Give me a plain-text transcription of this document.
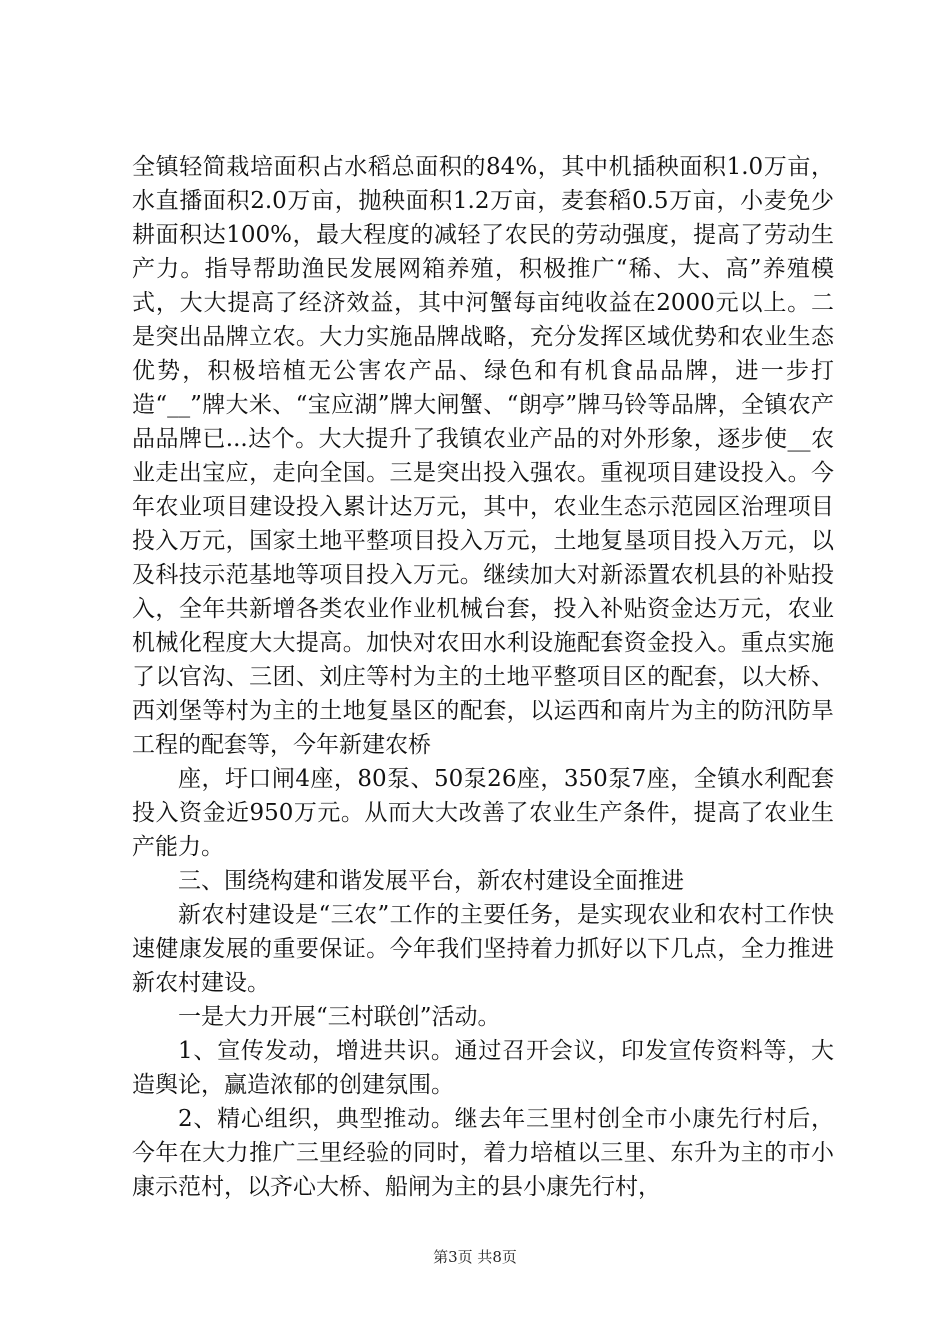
全镇轻简栽培面积占水稻总面积的84%，其中机插秧面积1.0万亩，水直播面积2.0万亩，抛秧面积1.2万亩，麦套稻0.5万亩，小麦免少耕面积达100%，最大程度的减轻了农民的劳动强度，提高了劳动生产力。指导帮助渔民发展网箱养殖，积极推广“稀、大、高”养殖模式，大大提高了经济效益，其中河蟹每亩纯收益在2000元以上。二是突出品牌立农。大力实施品牌战略，充分发挥区域优势和农业生态优势，积极培植无公害农产品、绿色和有机食品品牌，进一步打造“__”牌大米、“宝应湖”牌大闸蟹、“朗亭”牌马铃等品牌，全镇农产品品牌已...达个。大大提升了我镇农业产品的对外形象，逐步使__农业走出宝应，走向全国。三是突出投入强农。重视项目建设投入。今年农业项目建设投入累计达万元，其中，农业生态示范园区治理项目投入万元，国家土地平整项目投入万元，土地复垦项目投入万元，以及科技示范基地等项目投入万元。继续加大对新添置农机县的补贴投入，全年共新增各类农业作业机械台套，投入补贴资金达万元，农业机械化程度大大提高。加快对农田水利设施配套资金投入。重点实施了以官沟、三团、刘庄等村为主的土地平整项目区的配套，以大桥、西刘堡等村为主的土地复垦区的配套，以运西和南片为主的防汛防旱工程的配套等，今年新建农桥

座，圩口闸4座，80泵、50泵26座，350泵7座，全镇水利配套投入资金近950万元。从而大大改善了农业生产条件，提高了农业生产能力。

三、围绕构建和谐发展平台，新农村建设全面推进

新农村建设是“三农”工作的主要任务，是实现农业和农村工作快速健康发展的重要保证。今年我们坚持着力抓好以下几点，全力推进新农村建设。

一是大力开展“三村联创”活动。

1、宣传发动，增进共识。通过召开会议，印发宣传资料等，大造舆论，赢造浓郁的创建氛围。

2、精心组织，典型推动。继去年三里村创全市小康先行村后，今年在大力推广三里经验的同时，着力培植以三里、东升为主的市小康示范村，以齐心大桥、船闸为主的县小康先行村，

第3页 共8页
